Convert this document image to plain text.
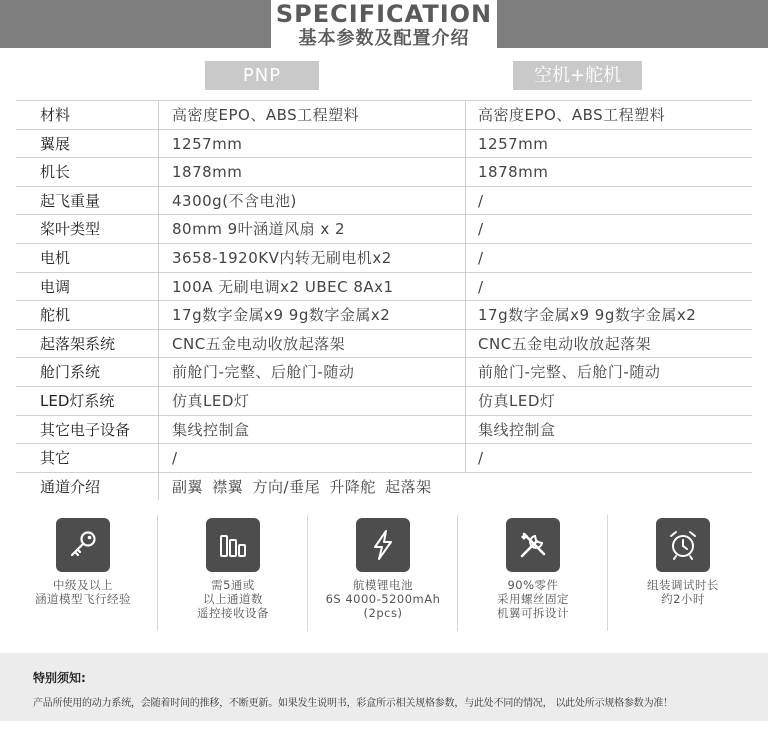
SPECIFICATION
基本参数及配置介绍
PNP	空机+舵机
材料	高密度EPO、ABS工程塑料	高密度EPO、ABS工程塑料
翼展	1257mm	1257mm
机长	1878mm	1878mm
起飞重量	4300g(不含电池)	/
桨叶类型	80mm 9叶涵道风扇 x 2	/
电机	3658-1920KV内转无刷电机x2	/
电调	100A 无刷电调x2 UBEC 8Ax1	/
舵机	17g数字金属x9 9g数字金属x2	17g数字金属x9 9g数字金属x2
起落架系统	CNC五金电动收放起落架	CNC五金电动收放起落架
舱门系统	前舱门-完整、后舱门-随动	前舱门-完整、后舱门-随动
LED灯系统	仿真LED灯	仿真LED灯
其它电子设备	集线控制盒	集线控制盒
其它	/	/
通道介绍	副翼 襟翼 方向/垂尾 升降舵 起落架
中级及以上
涵道模型飞行经验
需5通或
以上通道数
遥控接收设备
航模锂电池
6S 4000-5200mAh
(2pcs)
90%零件
采用螺丝固定
机翼可拆设计
组装调试时长
约2小时
特别须知:
产品所使用的动力系统，会随着时间的推移，不断更新。如果发生说明书，彩盒所示相关规格参数，与此处不同的情况， 以此处所示规格参数为准！
